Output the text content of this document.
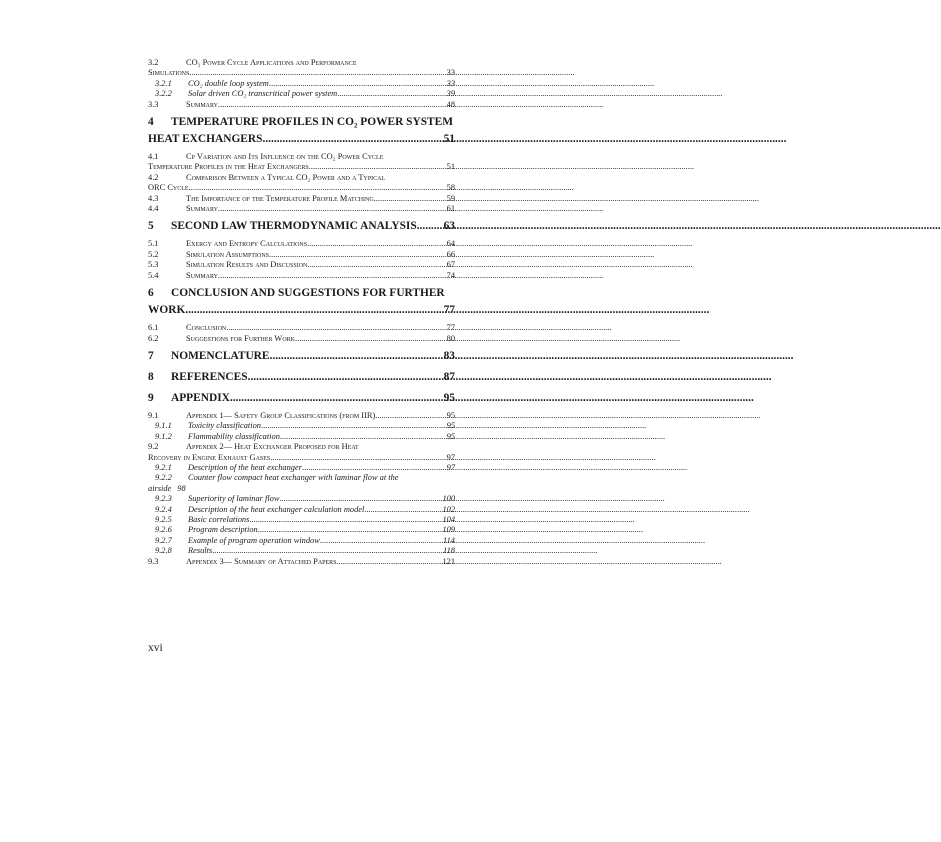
3.2	CO₂ Power Cycle Applications and Performance
Simulations .....	33
3.2.1	CO₂ double loop system .....	33
3.2.2	Solar driven CO₂ transcritical power system .....	39
3.3	Summary .....	48
4	TEMPERATURE PROFILES IN CO₂ POWER SYSTEM
HEAT EXCHANGERS .....	51
4.1	Cp Variation and Its Influence on the CO₂ Power Cycle
Temperature Profiles in the Heat Exchangers .....	51
4.2	Comparison Between a Typical CO₂ Power and a Typical
ORC Cycle .....	58
4.3	The Importance of the Temperature Profile Matching .....	59
4.4	Summary .....	61
5	SECOND LAW THERMODYNAMIC ANALYSIS ..... 63
5.1	Exergy and Entropy Calculations .....	64
5.2	Simulation Assumptions .....	66
5.3	Simulation Results and Discussion .....	67
5.4	Summary .....	74
6	CONCLUSION AND SUGGESTIONS FOR FURTHER
WORK .....	77
6.1	Conclusion .....	77
6.2	Suggestions for Further Work .....	80
7	NOMENCLATURE .....	83
8	REFERENCES .....	87
9	APPENDIX .....	95
9.1	Appendix 1— Safety Group Classifications (from IIR) .....	95
9.1.1	Toxicity classification .....	95
9.1.2	Flammability classification .....	95
9.2	Appendix 2— Heat Exchanger Proposed for Heat
Recovery in Engine Exhaust Gases .....	97
9.2.1	Description of the heat exchanger .....	97
9.2.2	Counter flow compact heat exchanger with laminar flow at the
airside 98
9.2.3	Superiority of laminar flow .....	100
9.2.4	Description of the heat exchanger calculation model .....	102
9.2.5	Basic correlations .....	104
9.2.6	Program description .....	109
9.2.7	Example of program operation window .....	114
9.2.8	Results .....	118
9.3	Appendix 3— Summary of Attached Papers .....	121
xvi
